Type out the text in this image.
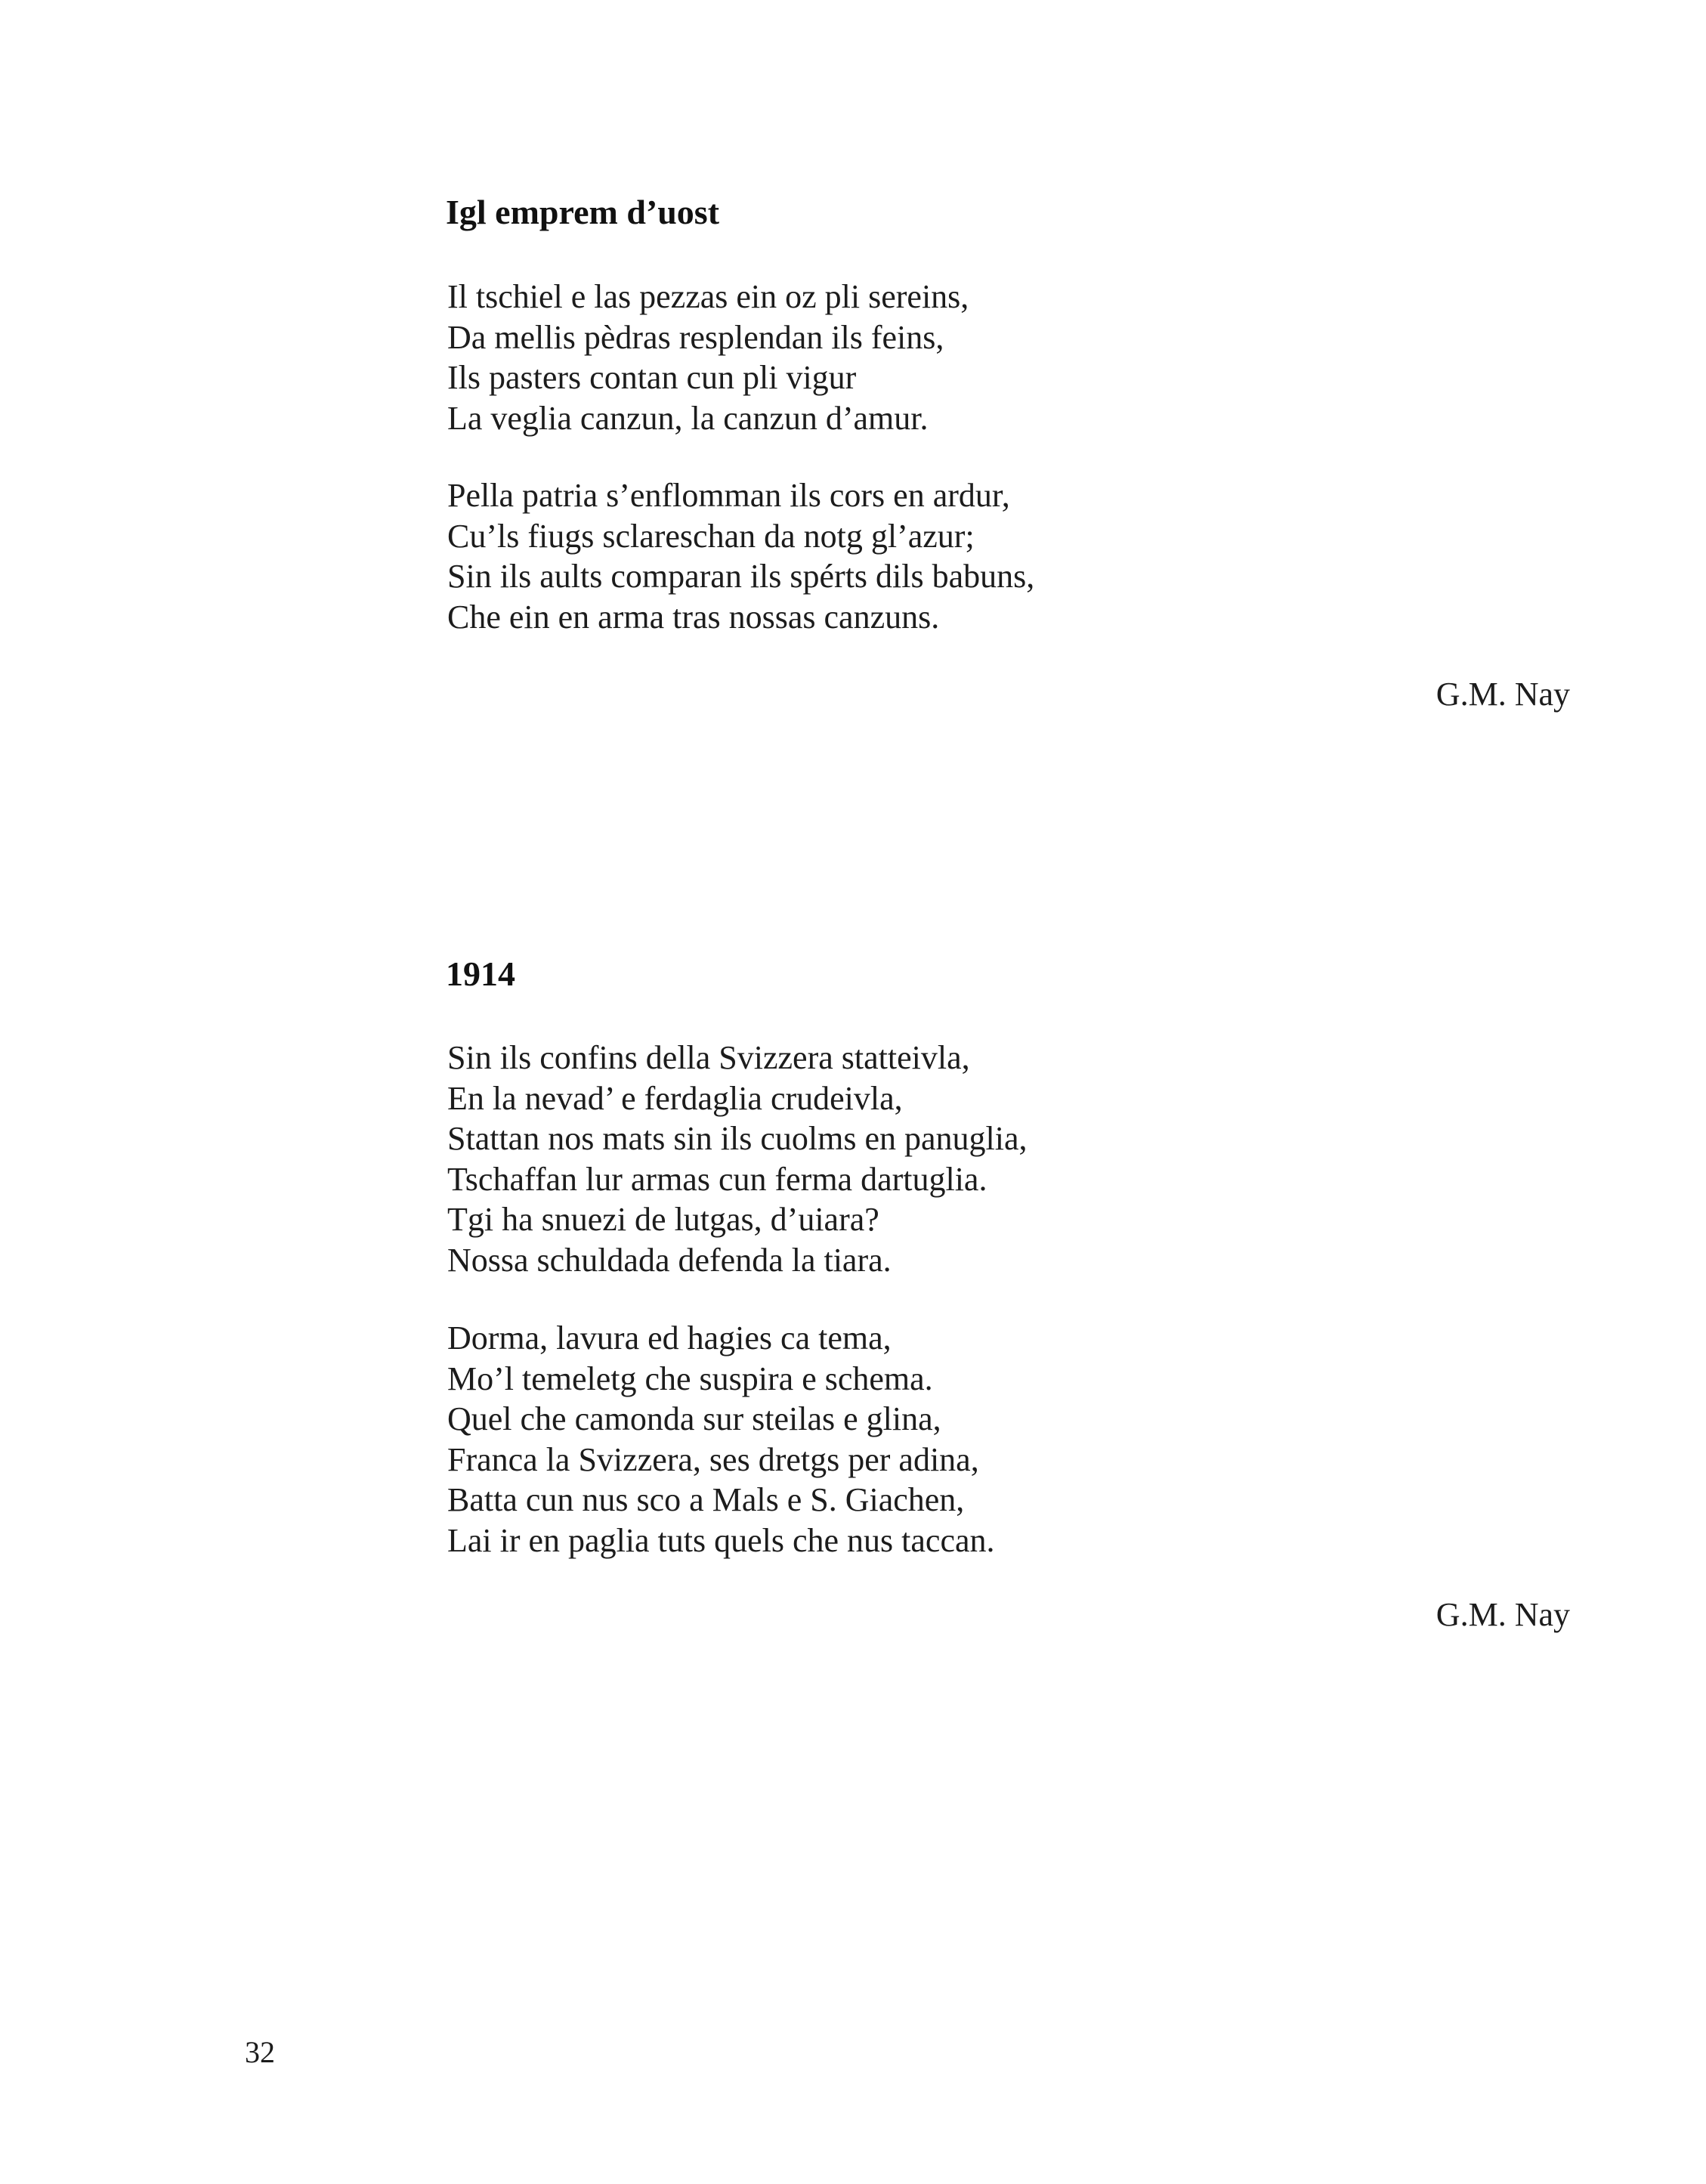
Igl emprem d’uost

Il tschiel e las pezzas ein oz pli sereins,
Da mellis pèdras resplendan ils feins,
Ils pasters contan cun pli vigur
La veglia canzun, la canzun d’amur.

Pella patria s’enflomman ils cors en ardur,
Cu’ls fiugs sclareschan da notg gl’azur;
Sin ils aults comparan ils spérts dils babuns,
Che ein en arma tras nossas canzuns.

G.M. Nay

1914

Sin ils confins della Svizzera statteivla,
En la nevad’ e ferdaglia crudeivla,
Stattan nos mats sin ils cuolms en panuglia,
Tschaffan lur armas cun ferma dartuglia.
Tgi ha snuezi de lutgas, d’uiara?
Nossa schuldada defenda la tiara.

Dorma, lavura ed hagies ca tema,
Mo’l temeletg che suspira e schema.
Quel che camonda sur steilas e glina,
Franca la Svizzera, ses dretgs per adina,
Batta cun nus sco a Mals e S. Giachen,
Lai ir en paglia tuts quels che nus taccan.

G.M. Nay

32
